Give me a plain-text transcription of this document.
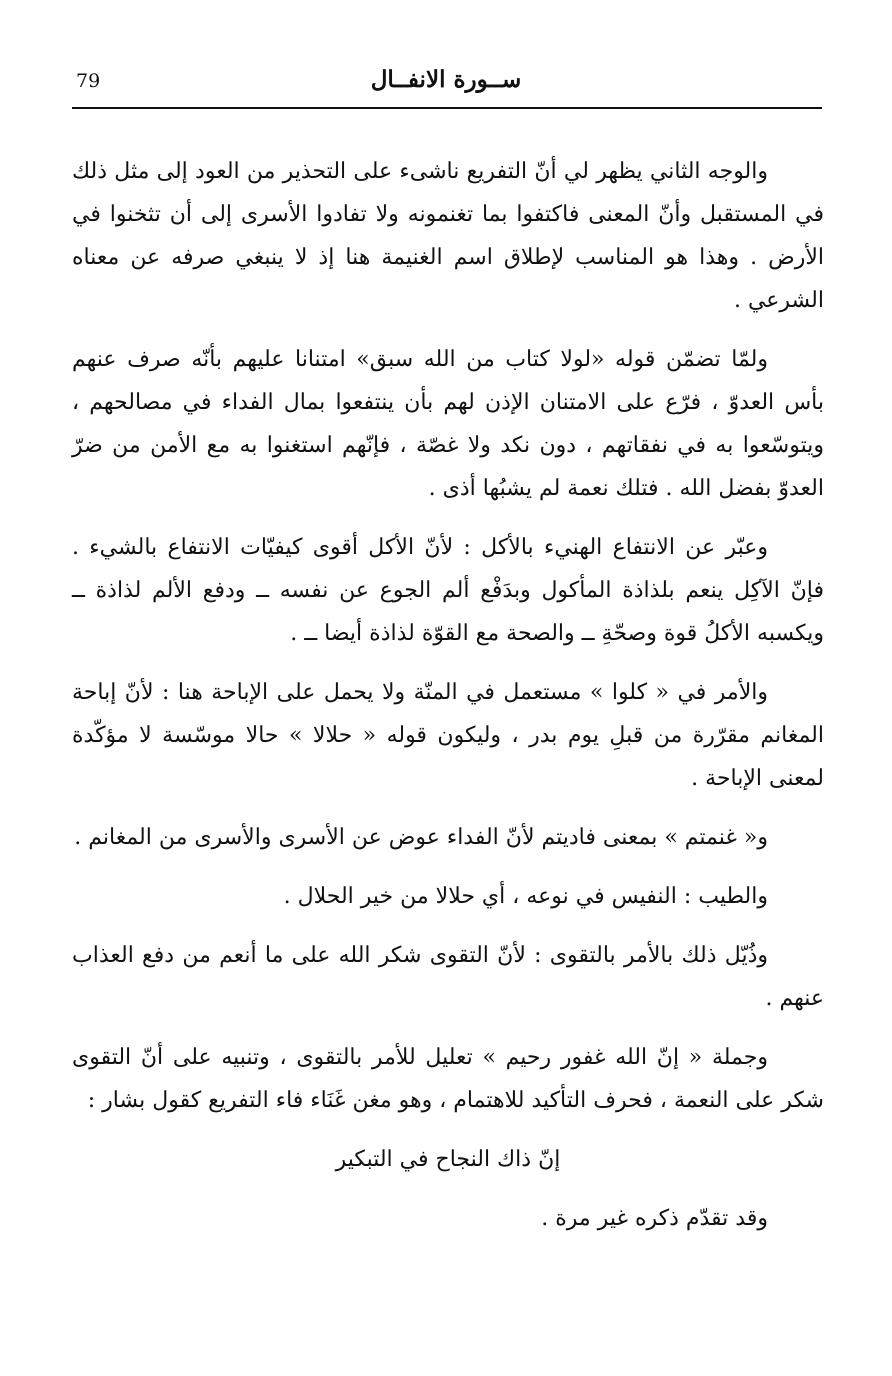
79	ســورة الانفــال

والوجه الثاني يظهر لي أنّ التفريع ناشىء على التحذير من العود إلى مثل ذلك في المستقبل وأنّ المعنى فاكتفوا بما تغنمونه ولا تفادوا الأسرى إلى أن تثخنوا في الأرض . وهذا هو المناسب لإطلاق اسم الغنيمة هنا إذ لا ينبغي صرفه عن معناه الشرعي .

ولمّا تضمّن قوله «لولا كتاب من الله سبق» امتنانا عليهم بأنّه صرف عنهم بأس العدوّ ، فرّع على الامتنان الإذن لهم بأن ينتفعوا بمال الفداء في مصالحهم ، ويتوسّعوا به في نفقاتهم ، دون نكد ولا غصّة ، فإنّهم استغنوا به مع الأمن من ضرّ العدوّ بفضل الله . فتلك نعمة لم يشبُها أذى .

وعبّر عن الانتفاع الهنيء بالأكل : لأنّ الأكل أقوى كيفيّات الانتفاع بالشيء . فإنّ الآكِل ينعم بلذاذة المأكول وبدَفْع ألم الجوع عن نفسه ــ ودفع الألم لذاذة ــ ويكسبه الأكلُ قوة وصحّةِ ــ والصحة مع القوّة لذاذة أيضا ــ .

والأمر في « كلوا » مستعمل في المنّة ولا يحمل على الإباحة هنا : لأنّ إباحة المغانم مقرّرة من قبلِ يوم بدر ، وليكون قوله « حلالا » حالا موسّسة لا مؤكّدة لمعنى الإباحة .

و« غنمتم » بمعنى فاديتم لأنّ الفداء عوض عن الأسرى والأسرى من المغانم .

والطيب : النفيس في نوعه ، أي حلالا من خير الحلال .

وذُيّل ذلك بالأمر بالتقوى : لأنّ التقوى شكر الله على ما أنعم من دفع العذاب عنهم .

وجملة « إنّ الله غفور رحيم » تعليل للأمر بالتقوى ، وتنبيه على أنّ التقوى شكر على النعمة ، فحرف التأكيد للاهتمام ، وهو مغن غَنَاء فاء التفريع كقول بشار :

إنّ ذاك النجاح في التبكير

وقد تقدّم ذكره غير مرة .
